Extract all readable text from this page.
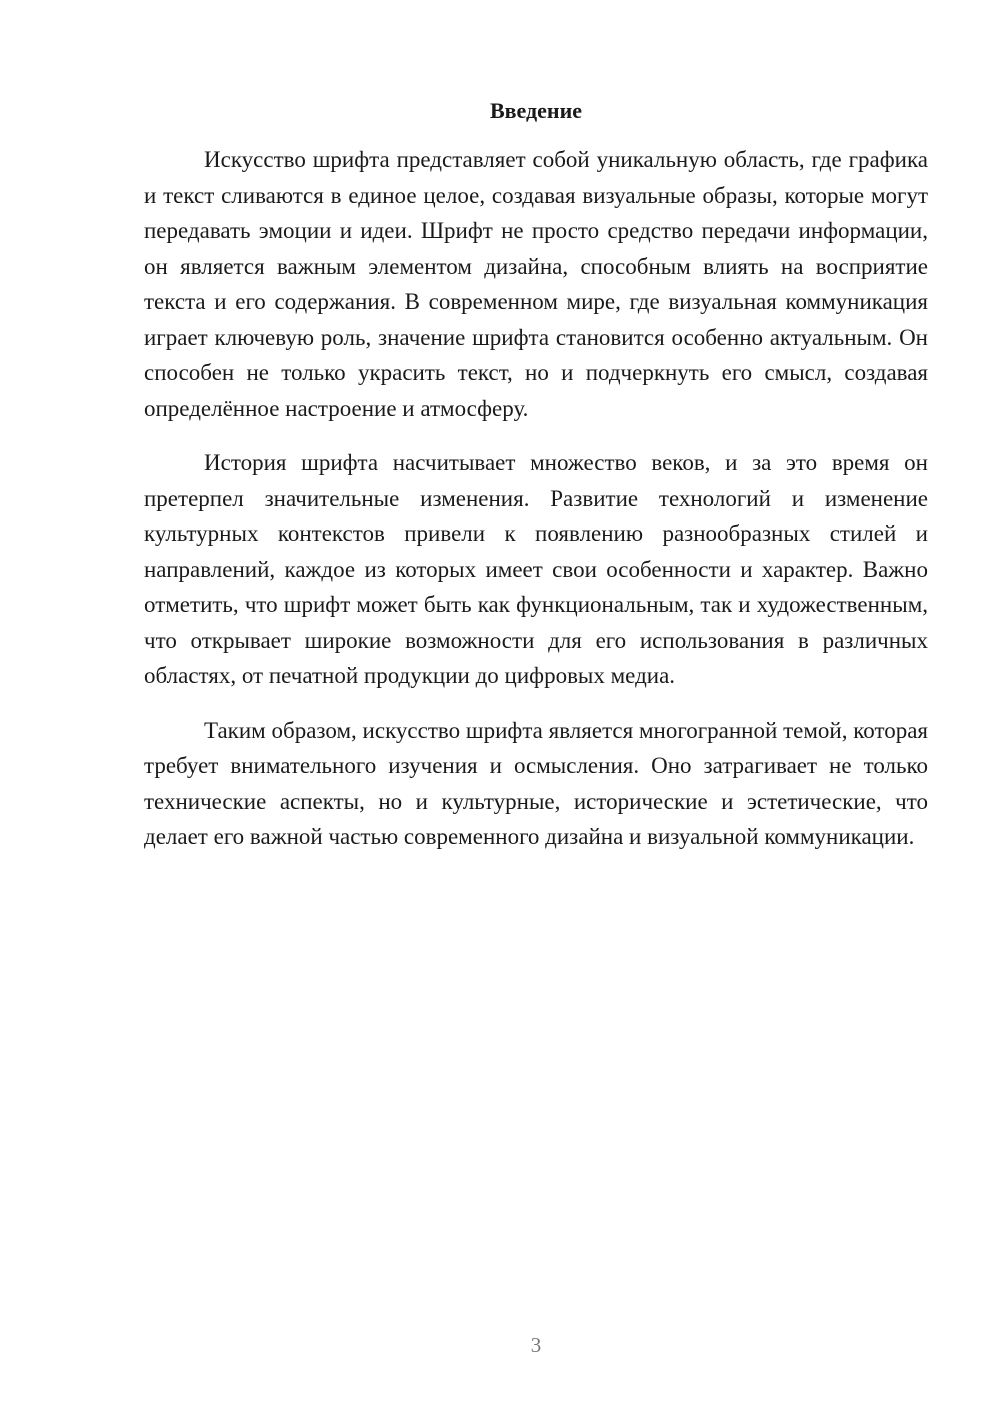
Введение

Искусство шрифта представляет собой уникальную область, где графика и текст сливаются в единое целое, создавая визуальные образы, которые могут передавать эмоции и идеи. Шрифт не просто средство передачи информации, он является важным элементом дизайна, способным влиять на восприятие текста и его содержания. В современном мире, где визуальная коммуникация играет ключевую роль, значение шрифта становится особенно актуальным. Он способен не только украсить текст, но и подчеркнуть его смысл, создавая определённое настроение и атмосферу.

История шрифта насчитывает множество веков, и за это время он претерпел значительные изменения. Развитие технологий и изменение культурных контекстов привели к появлению разнообразных стилей и направлений, каждое из которых имеет свои особенности и характер. Важно отметить, что шрифт может быть как функциональным, так и художественным, что открывает широкие возможности для его использования в различных областях, от печатной продукции до цифровых медиа.

Таким образом, искусство шрифта является многогранной темой, которая требует внимательного изучения и осмысления. Оно затрагивает не только технические аспекты, но и культурные, исторические и эстетические, что делает его важной частью современного дизайна и визуальной коммуникации.

3
